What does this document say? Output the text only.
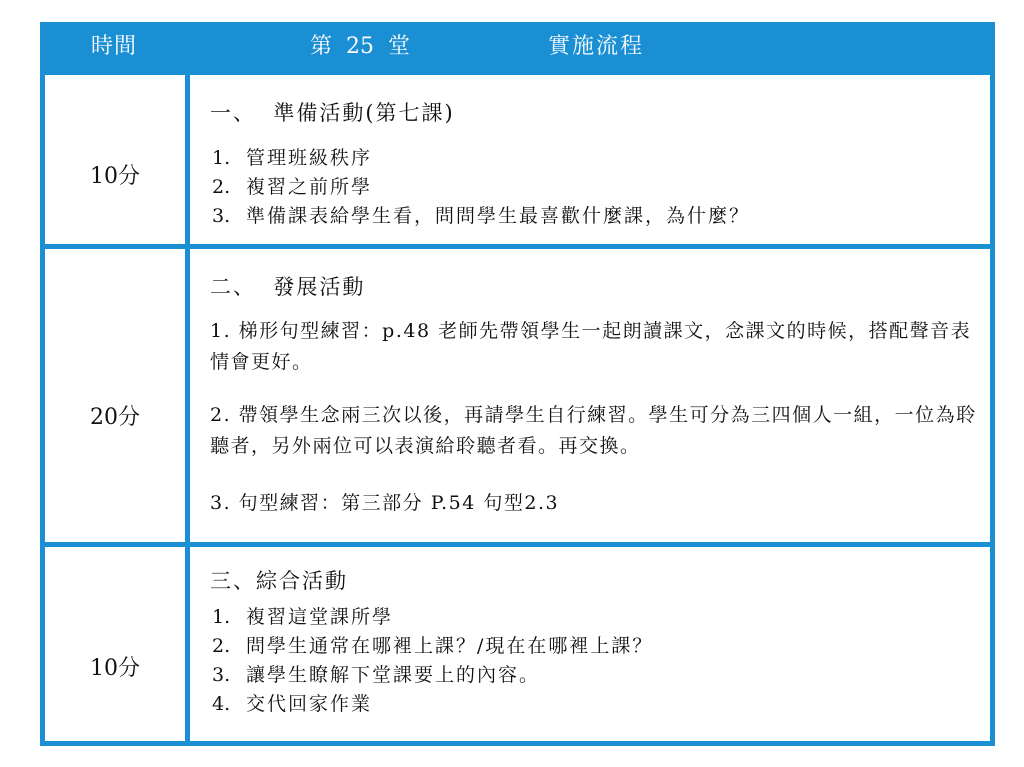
時間	第  25  堂	實施流程
10分
一、  準備活動(第七課)
1. 管理班級秩序
2. 複習之前所學
3. 準備課表給學生看，問問學生最喜歡什麼課，為什麼？
20分
二、  發展活動

1. 梯形句型練習：p.48 老師先帶領學生一起朗讀課文，念課文的時候，搭配聲音表情會更好。

2. 帶領學生念兩三次以後，再請學生自行練習。學生可分為三四個人一組，一位為聆聽者，另外兩位可以表演給聆聽者看。再交換。

3. 句型練習：第三部分 P.54 句型2.3

10分
三、綜合活動
1. 複習這堂課所學
2. 問學生通常在哪裡上課？/現在在哪裡上課？
3. 讓學生瞭解下堂課要上的內容。
4. 交代回家作業
